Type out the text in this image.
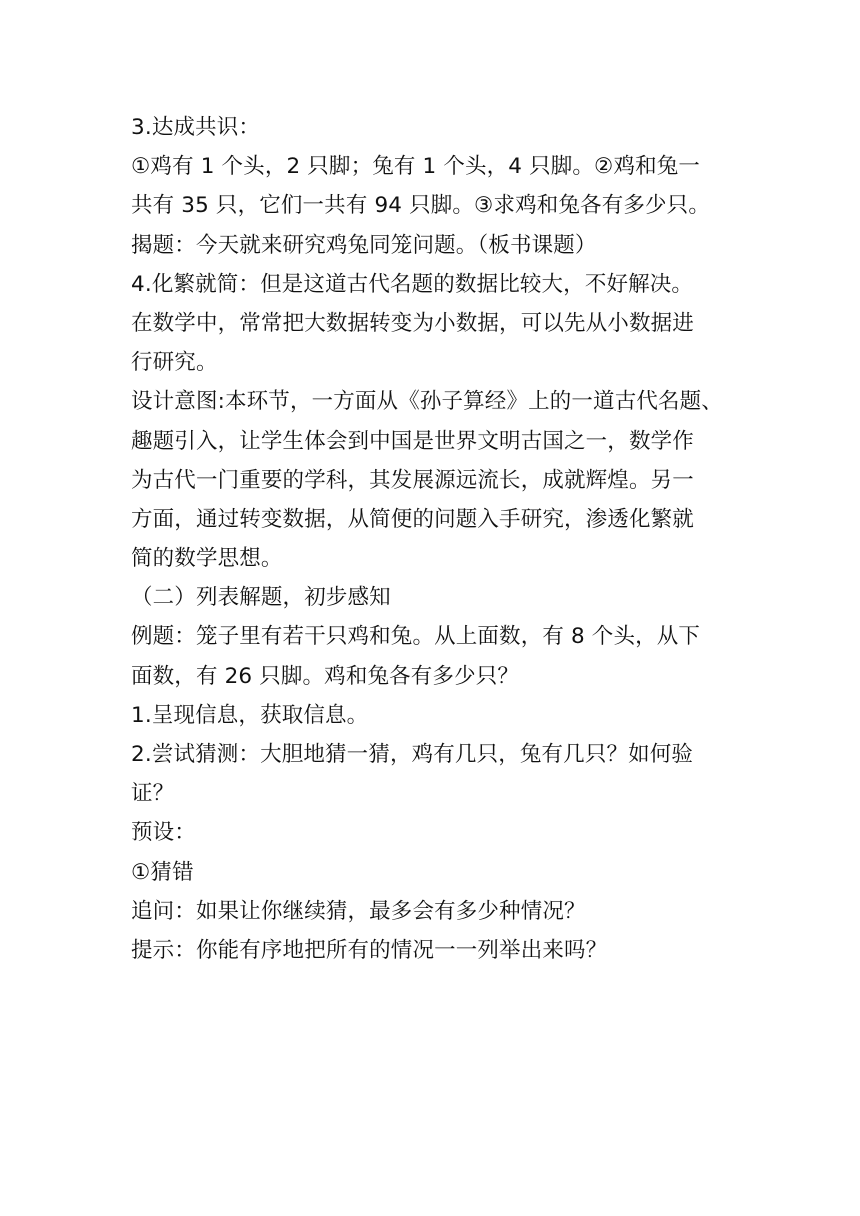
3.达成共识：
①鸡有 1 个头，2 只脚；兔有 1 个头，4 只脚。②鸡和兔一
共有 35 只，它们一共有 94 只脚。③求鸡和兔各有多少只。
揭题：今天就来研究鸡兔同笼问题。（板书课题）
4.化繁就简：但是这道古代名题的数据比较大，不好解决。
在数学中，常常把大数据转变为小数据，可以先从小数据进
行研究。
设计意图:本环节，一方面从《孙子算经》上的一道古代名题、
趣题引入，让学生体会到中国是世界文明古国之一，数学作
为古代一门重要的学科，其发展源远流长，成就辉煌。另一
方面，通过转变数据，从简便的问题入手研究，渗透化繁就
简的数学思想。
（二）列表解题，初步感知
例题：笼子里有若干只鸡和兔。从上面数，有 8 个头，从下
面数，有 26 只脚。鸡和兔各有多少只？
1.呈现信息，获取信息。
2.尝试猜测：大胆地猜一猜，鸡有几只，兔有几只？如何验
证？
预设：
①猜错
追问：如果让你继续猜，最多会有多少种情况？
提示：你能有序地把所有的情况一一列举出来吗？
